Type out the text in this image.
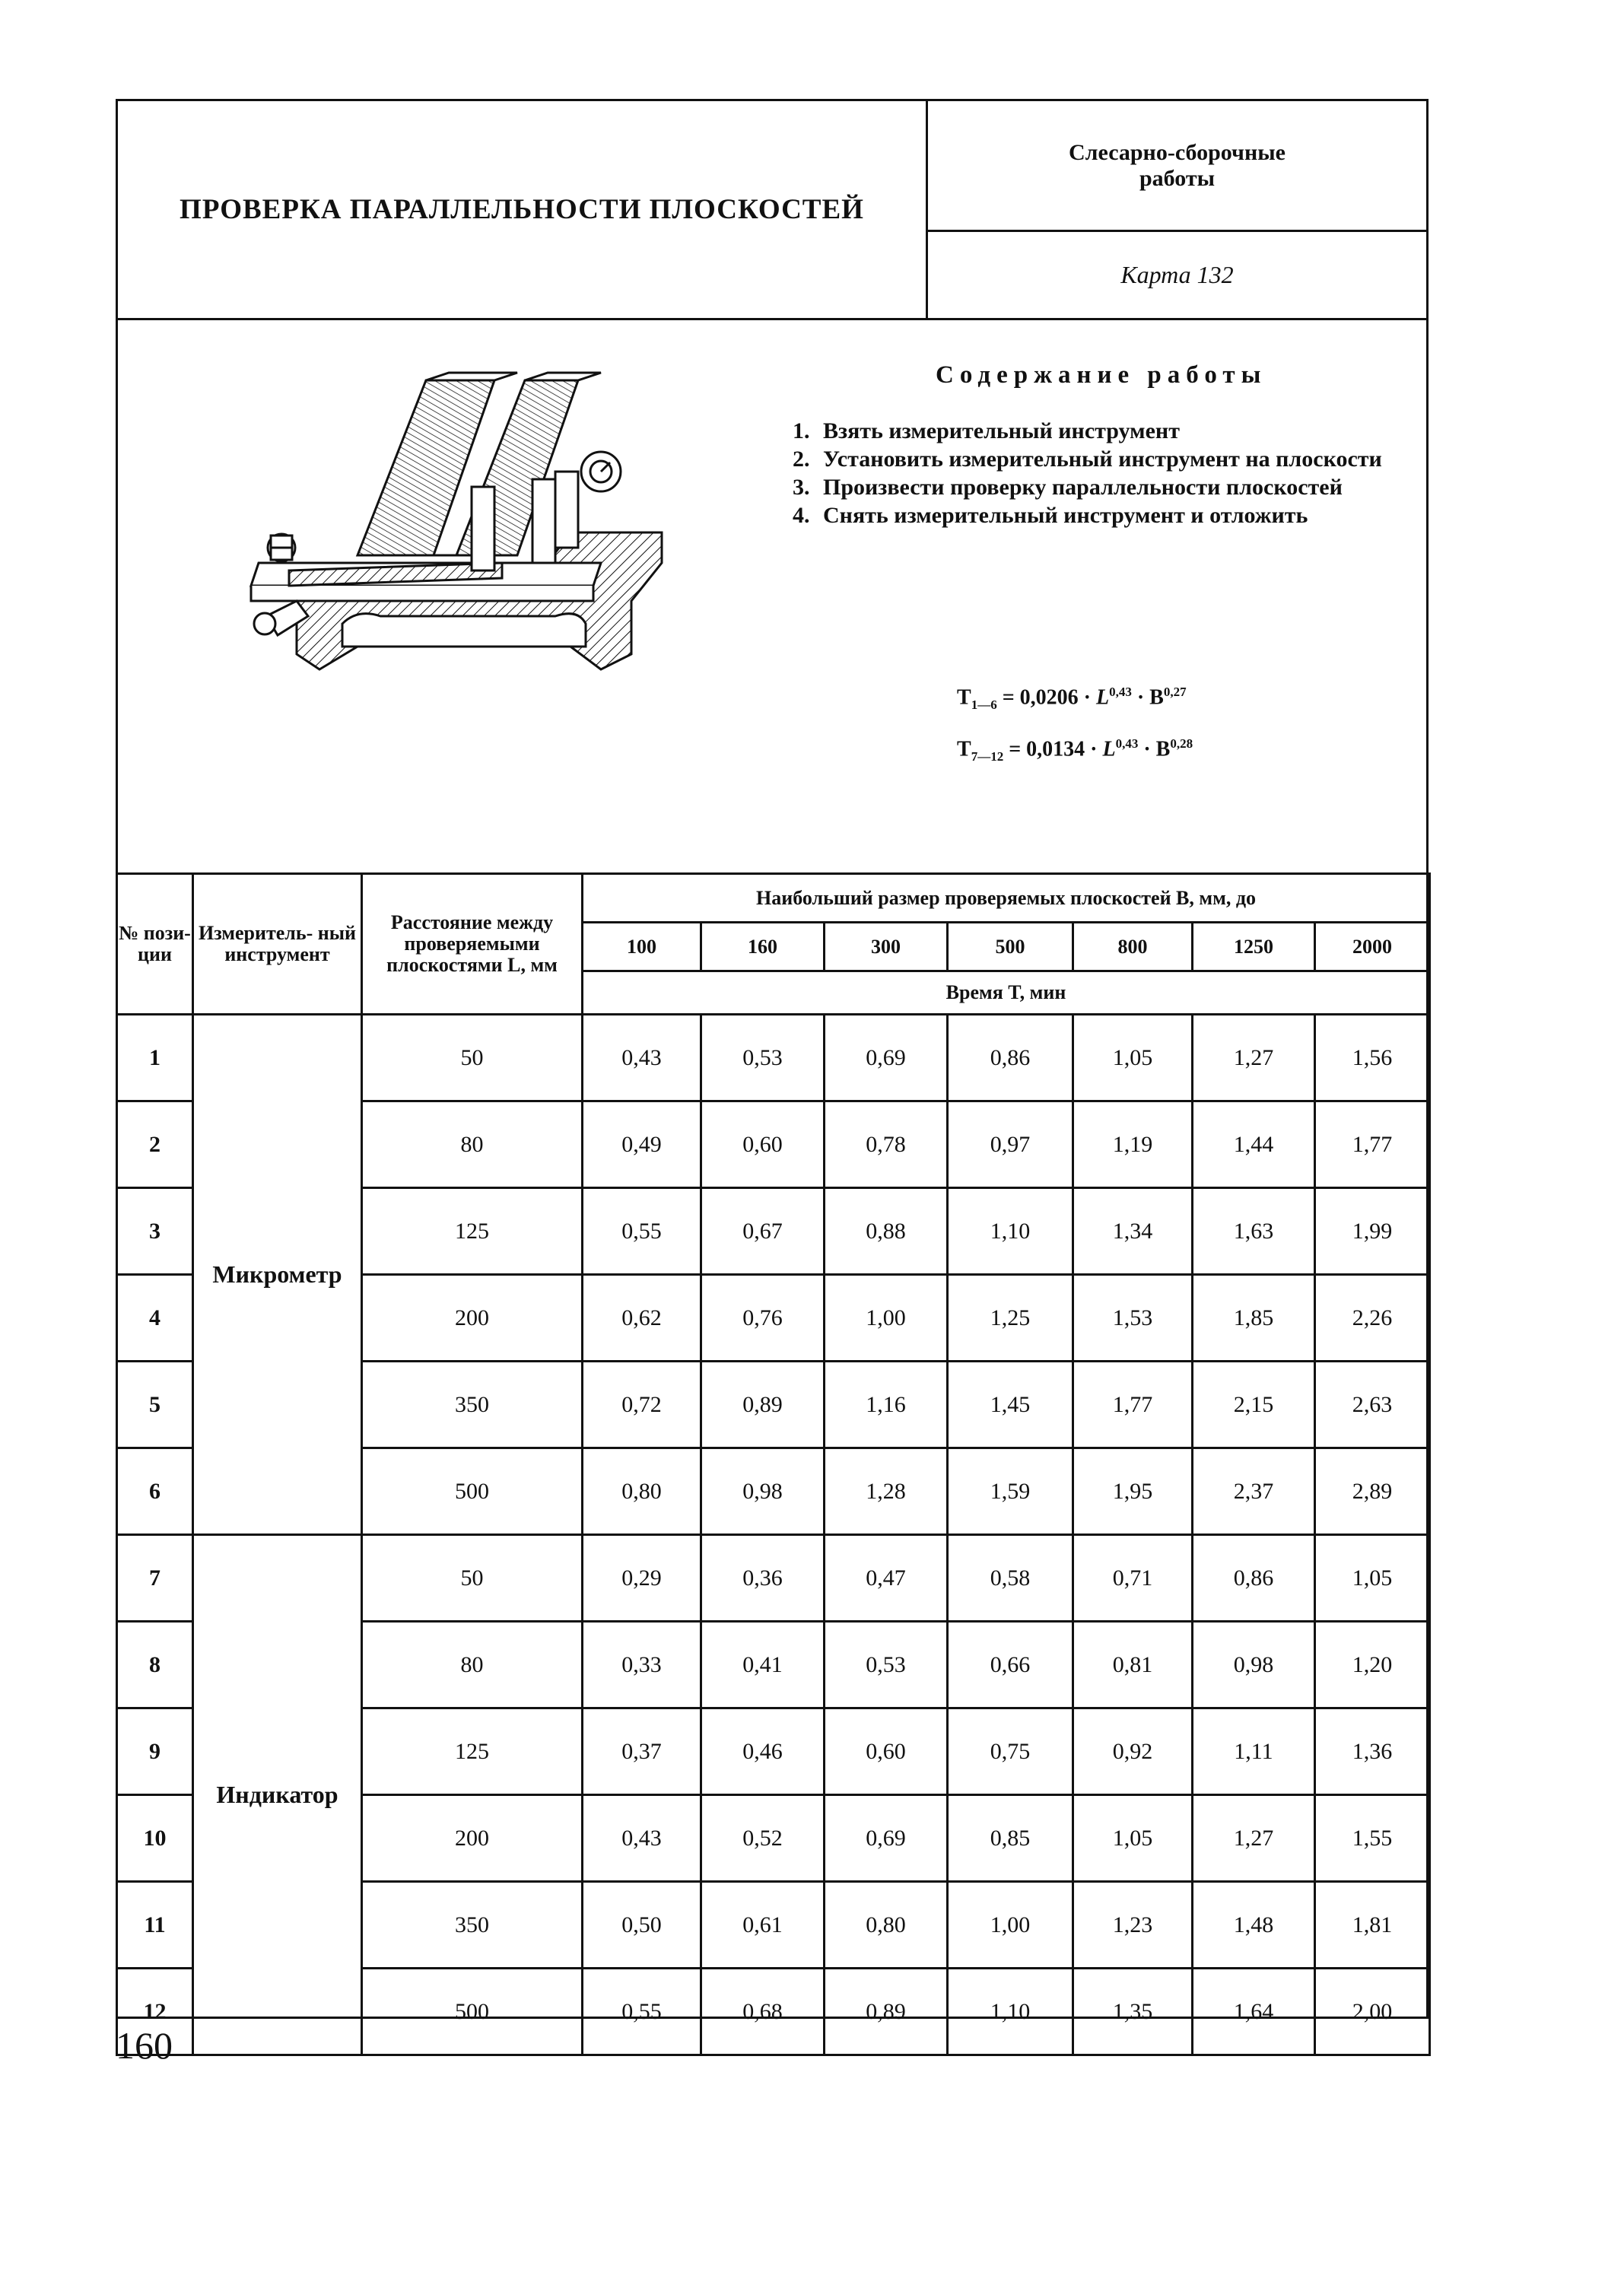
ПРОВЕРКА ПАРАЛЛЕЛЬНОСТИ ПЛОСКОСТЕЙ
Слесарно-сборочные работы
Карта 132
Содержание работы
1. Взять измерительный инструмент
2. Установить измерительный инструмент на плоскости
3. Произвести проверку параллельности плоскостей
4. Снять измерительный инструмент и отложить
$T_{1—6} = 0,0206 \cdot L^{0,43} \cdot B^{0,27}$
$T_{7—12} = 0,0134 \cdot L^{0,43} \cdot B^{0,28}$
№ пози- ции	Измеритель- ный инструмент	Расстояние между проверяемыми плоскостями L, мм	Наибольший размер проверяемых плоскостей B, мм, до						
			100	160	300	500	800	1250	2000
			Время T, мин						
1	Микрометр	50	0,43	0,53	0,69	0,86	1,05	1,27	1,56
2		80	0,49	0,60	0,78	0,97	1,19	1,44	1,77
3		125	0,55	0,67	0,88	1,10	1,34	1,63	1,99
4		200	0,62	0,76	1,00	1,25	1,53	1,85	2,26
5		350	0,72	0,89	1,16	1,45	1,77	2,15	2,63
6		500	0,80	0,98	1,28	1,59	1,95	2,37	2,89
7	Индикатор	50	0,29	0,36	0,47	0,58	0,71	0,86	1,05
8		80	0,33	0,41	0,53	0,66	0,81	0,98	1,20
9		125	0,37	0,46	0,60	0,75	0,92	1,11	1,36
10		200	0,43	0,52	0,69	0,85	1,05	1,27	1,55
11		350	0,50	0,61	0,80	1,00	1,23	1,48	1,81
12		500	0,55	0,68	0,89	1,10	1,35	1,64	2,00
160
